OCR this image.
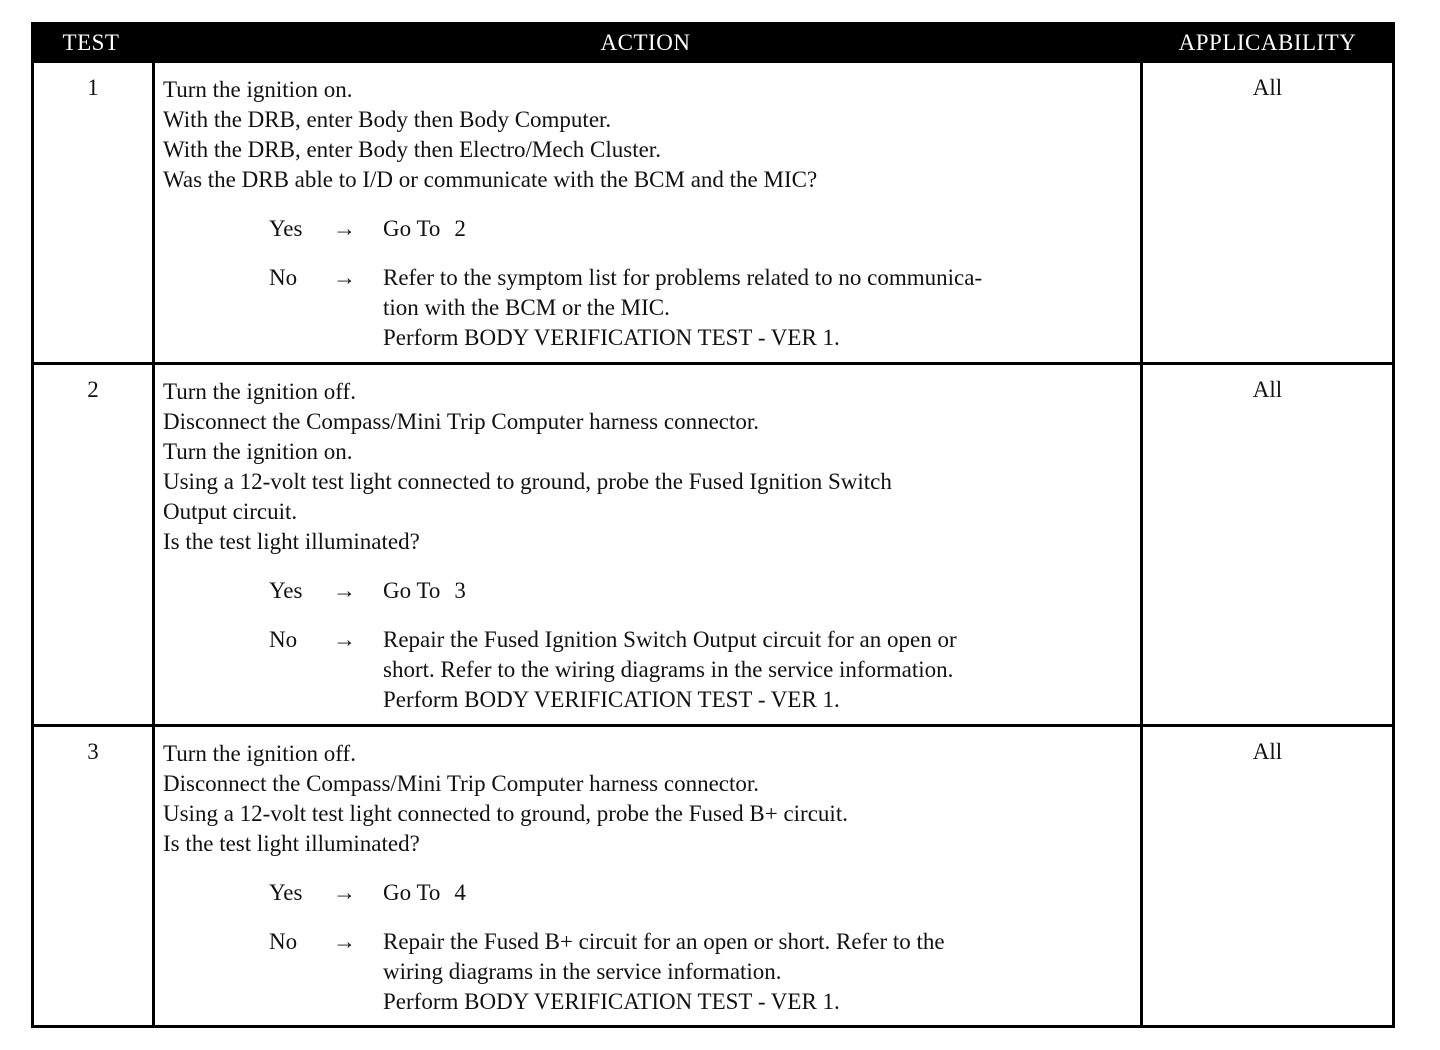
TEST	ACTION	APPLICABILITY
1	Turn the ignition on.
With the DRB, enter Body then Body Computer.
With the DRB, enter Body then Electro/Mech Cluster.
Was the DRB able to I/D or communicate with the BCM and the MIC?
Yes	→	Go To 2
No	→	Refer to the symptom list for problems related to no communica-
tion with the BCM or the MIC.
Perform BODY VERIFICATION TEST - VER 1.
All
2	Turn the ignition off.
Disconnect the Compass/Mini Trip Computer harness connector.
Turn the ignition on.
Using a 12-volt test light connected to ground, probe the Fused Ignition Switch
Output circuit.
Is the test light illuminated?
Yes	→	Go To 3
No	→	Repair the Fused Ignition Switch Output circuit for an open or
short. Refer to the wiring diagrams in the service information.
Perform BODY VERIFICATION TEST - VER 1.
All
3	Turn the ignition off.
Disconnect the Compass/Mini Trip Computer harness connector.
Using a 12-volt test light connected to ground, probe the Fused B+ circuit.
Is the test light illuminated?
Yes	→	Go To 4
No	→	Repair the Fused B+ circuit for an open or short. Refer to the
wiring diagrams in the service information.
Perform BODY VERIFICATION TEST - VER 1.
All
